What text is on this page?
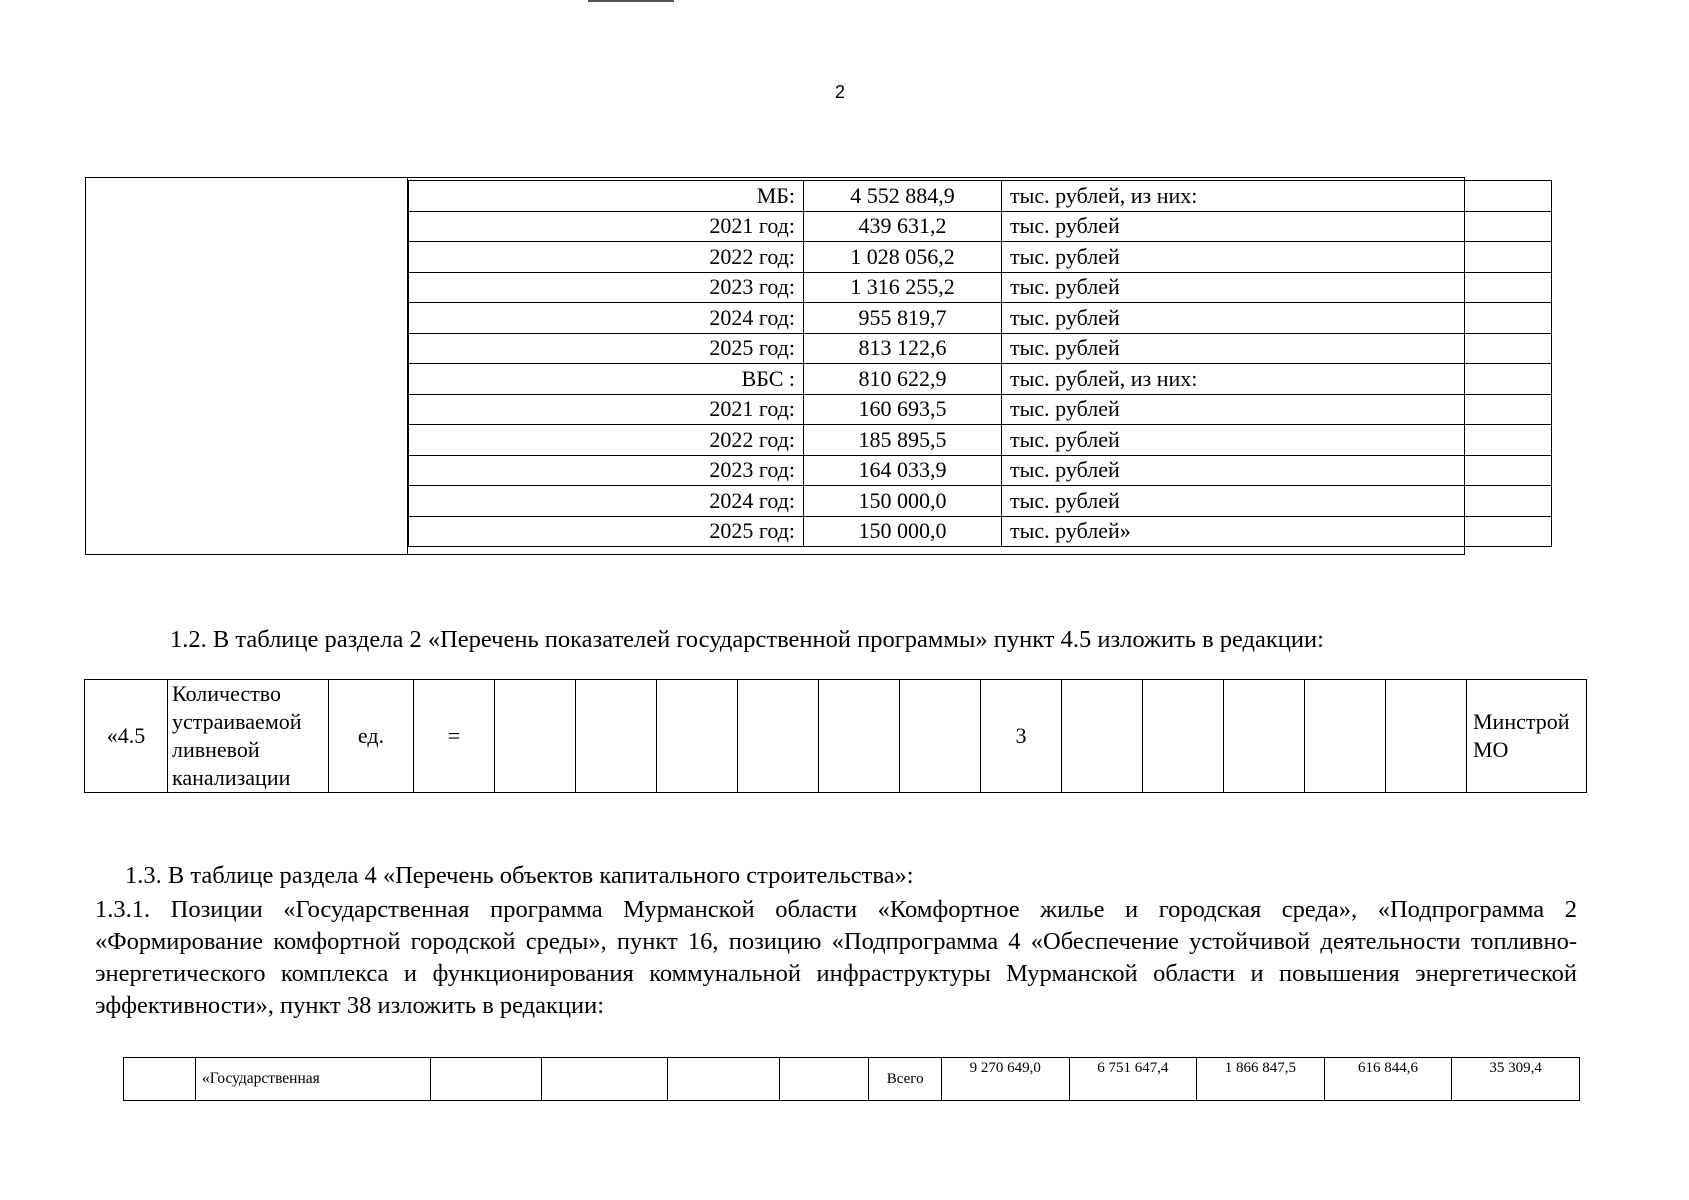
2
МБ:	4 552 884,9	тыс. рублей, из них:
2021 год:	439 631,2	тыс. рублей
2022 год:	1 028 056,2	тыс. рублей
2023 год:	1 316 255,2	тыс. рублей
2024 год:	955 819,7	тыс. рублей
2025 год:	813 122,6	тыс. рублей
ВБС :	810 622,9	тыс. рублей, из них:
2021 год:	160 693,5	тыс. рублей
2022 год:	185 895,5	тыс. рублей
2023 год:	164 033,9	тыс. рублей
2024 год:	150 000,0	тыс. рублей
2025 год:	150 000,0	тыс. рублей»
1.2. В таблице раздела 2 «Перечень показателей государственной программы» пункт 4.5 изложить в редакции:
«4.5	Количество устраиваемой ливневой канализации	ед.	=							3						Минстрой МО
1.3. В таблице раздела 4 «Перечень объектов капитального строительства»:
1.3.1. Позиции «Государственная программа Мурманской области «Комфортное жилье и городская среда», «Подпрограмма 2 «Формирование комфортной городской среды», пункт 16, позицию «Подпрограмма 4 «Обеспечение устойчивой деятельности топливно-энергетического комплекса и функционирования коммунальной инфраструктуры Мурманской области и повышения энергетической эффективности», пункт 38 изложить в редакции:
	«Государственная					Всего	9 270 649,0	6 751 647,4	1 866 847,5	616 844,6	35 309,4
